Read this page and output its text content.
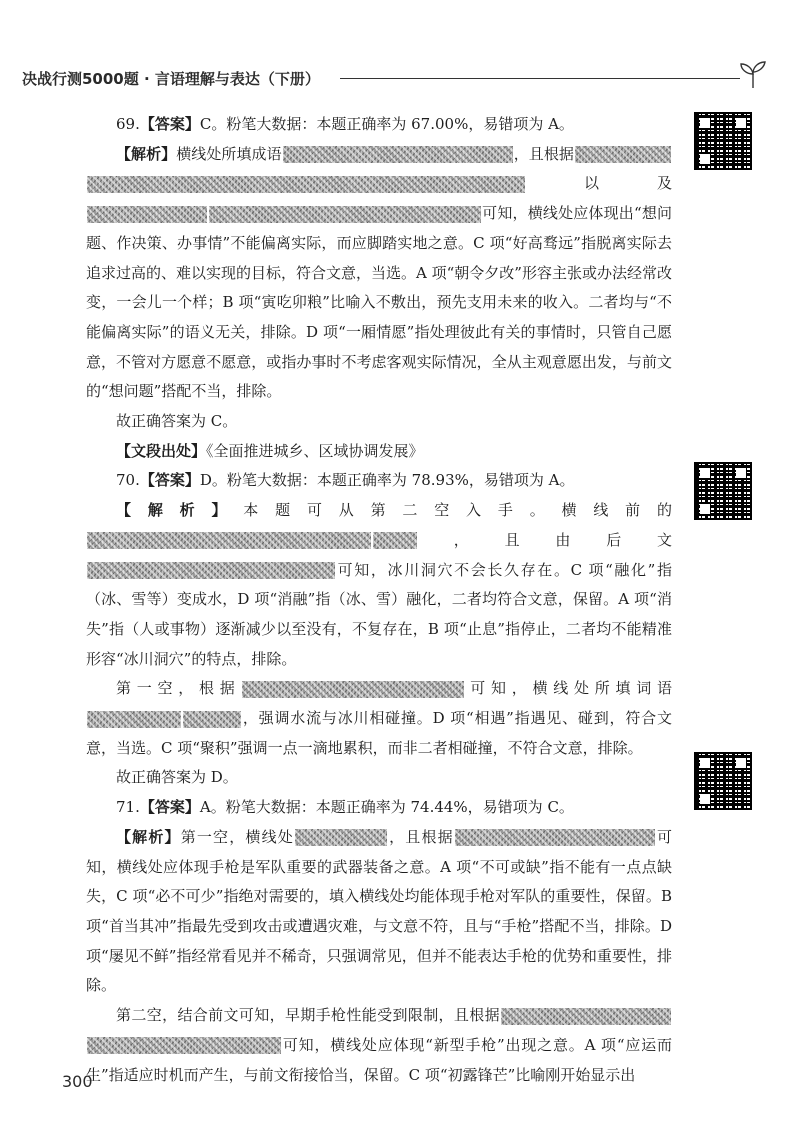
决战行测5000题 · 言语理解与表达（下册）

69.【答案】C。粉笔大数据：本题正确率为 67.00%，易错项为 A。

【解析】横线处所填成语	，且根据以及可知，横线处应体现出“想问题、作决策、办事情”不能偏离实际，而应脚踏实地之意。C 项“好高骛远”指脱离实际去追求过高的、难以实现的目标，符合文意，当选。A 项“朝令夕改”形容主张或办法经常改变，一会儿一个样；B 项“寅吃卯粮”比喻入不敷出，预先支用未来的收入。二者均与“不能偏离实际”的语义无关，排除。D 项“一厢情愿”指处理彼此有关的事情时，只管自己愿意，不管对方愿意不愿意，或指办事时不考虑客观实际情况，全从主观意愿出发，与前文的“想问题”搭配不当，排除。

故正确答案为 C。

【文段出处】《全面推进城乡、区域协调发展》

70.【答案】D。粉笔大数据：本题正确率为 78.93%，易错项为 A。

【解析】本题可从第二空入手。横线前的，且由后文可知，冰川洞穴不会长久存在。C 项“融化”指（冰、雪等）变成水，D 项“消融”指（冰、雪）融化，二者均符合文意，保留。A 项“消失”指（人或事物）逐渐减少以至没有，不复存在，B 项“止息”指停止，二者均不能精准形容“冰川洞穴”的特点，排除。

第一空，根据	可知，横线处所填词语，强调水流与冰川相碰撞。D 项“相遇”指遇见、碰到，符合文意，当选。C 项“聚积”强调一点一滴地累积，而非二者相碰撞，不符合文意，排除。

故正确答案为 D。

71.【答案】A。粉笔大数据：本题正确率为 74.44%，易错项为 C。

【解析】第一空，横线处	，且根据	可知，横线处应体现手枪是军队重要的武器装备之意。A 项“不可或缺”指不能有一点点缺失，C 项“必不可少”指绝对需要的，填入横线处均能体现手枪对军队的重要性，保留。B 项“首当其冲”指最先受到攻击或遭遇灾难，与文意不符，且与“手枪”搭配不当，排除。D 项“屡见不鲜”指经常看见并不稀奇，只强调常见，但并不能表达手枪的优势和重要性，排除。

第二空，结合前文可知，早期手枪性能受到限制，且根据可知，横线处应体现“新型手枪”出现之意。A 项“应运而生”指适应时机而产生，与前文衔接恰当，保留。C 项“初露锋芒”比喻刚开始显示出

300
